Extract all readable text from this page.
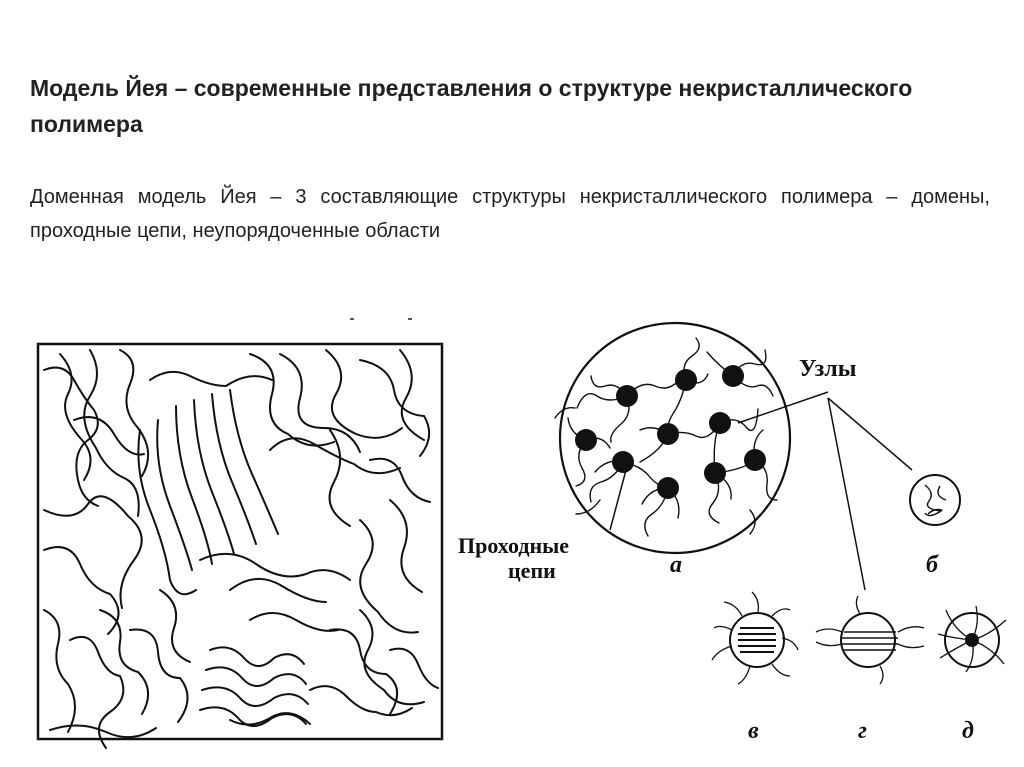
Модель Йея – современные представления о структуре некристаллического полимера
Доменная модель Йея – 3 составляющие структуры некристаллического полимера – домены, проходные цепи, неупорядоченные области
Узлы
Проходные
цепи	а	б
в	г	д
